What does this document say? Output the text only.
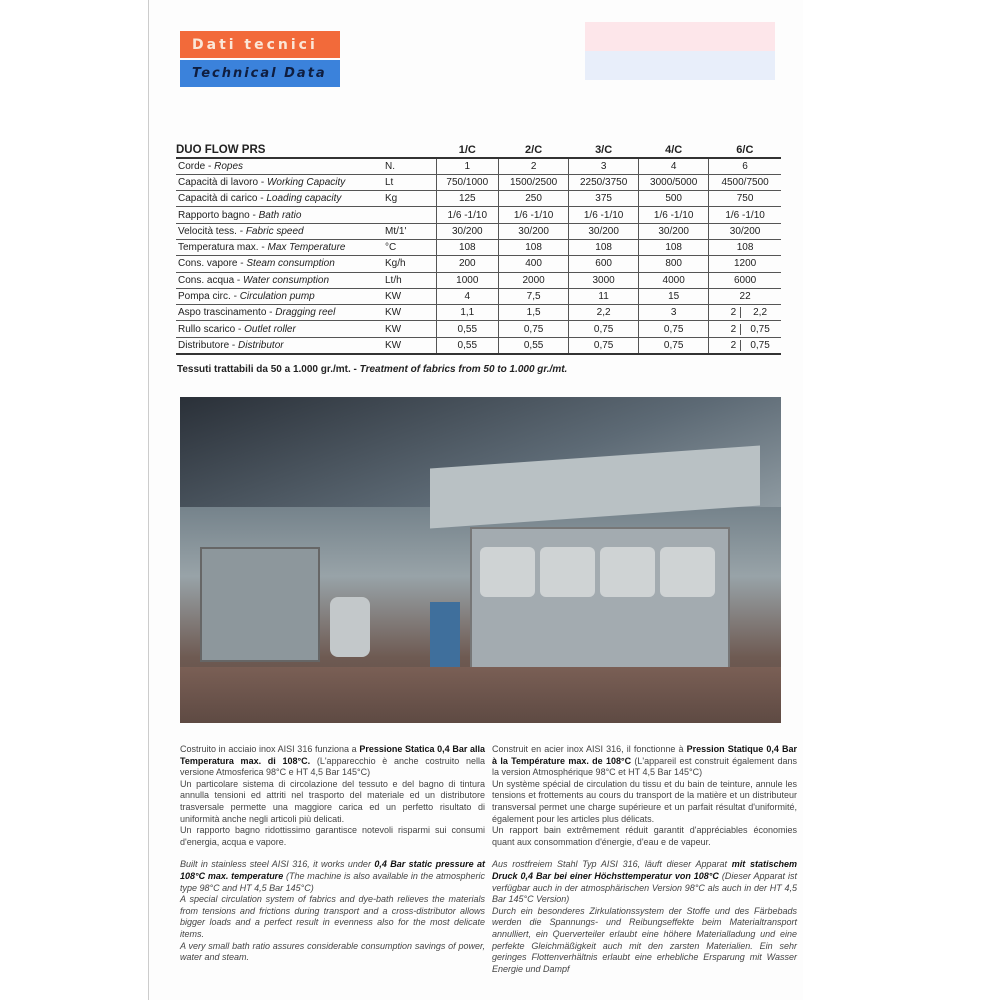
Dati tecnici
Technical Data
DUO FLOW PRS		1/C	2/C	3/C	4/C	6/C
Corde - Ropes	N.	1	2	3	4	6
Capacità di lavoro - Working Capacity	Lt	750/1000	1500/2500	2250/3750	3000/5000	4500/7500
Capacità di carico - Loading capacity	Kg	125	250	375	500	750
Rapporto bagno - Bath ratio		1/6 -1/10	1/6 -1/10	1/6 -1/10	1/6 -1/10	1/6 -1/10
Velocità tess. - Fabric speed	Mt/1'	30/200	30/200	30/200	30/200	30/200
Temperatura max. - Max Temperature	°C	108	108	108	108	108
Cons. vapore - Steam consumption	Kg/h	200	400	600	800	1200
Cons. acqua - Water consumption	Lt/h	1000	2000	3000	4000	6000
Pompa circ. - Circulation pump	KW	4	7,5	11	15	22
Aspo trascinamento - Dragging reel	KW	1,1	1,5	2,2	3	2 2,2

Rullo scarico - Outlet roller	KW	0,55	0,75	0,75	0,75	2 0,75

Distributore - Distributor	KW	0,55	0,55	0,75	0,75	2 0,75
Tessuti trattabili da 50 a 1.000 gr./mt. - Treatment of fabrics from 50 to 1.000 gr./mt.

Costruito in acciaio inox AISI 316 funziona a Pressione Statica 0,4 Bar alla Temperatura max. di 108°C. (L'apparecchio è anche costruito nella versione Atmosferica 98°C e HT 4,5 Bar 145°C)

Un particolare sistema di circolazione del tessuto e del bagno di tintura annulla tensioni ed attriti nel trasporto del materiale ed un distributore trasversale permette una maggiore carica ed un perfetto risultato di uniformità anche negli articoli più delicati.

Un rapporto bagno ridottissimo garantisce notevoli risparmi sui consumi d'energia, acqua e vapore.

Built in stainless steel AISI 316, it works under 0,4 Bar static pressure at 108°C max. temperature (The machine is also available in the atmospheric type 98°C and HT 4,5 Bar 145°C)

A special circulation system of fabrics and dye-bath relieves the materials from tensions and frictions during transport and a cross-distributor allows bigger loads and a perfect result in evenness also for the most delicate items.

A very small bath ratio assures considerable consumption savings of power, water and steam.

Construit en acier inox AISI 316, il fonctionne à Pression Statique 0,4 Bar à la Température max. de 108°C (L'appareil est construit également dans la version Atmosphérique 98°C et HT 4,5 Bar 145°C)

Un système spécial de circulation du tissu et du bain de teinture, annule les tensions et frottements au cours du transport de la matière et un distributeur transversal permet une charge supérieure et un parfait résultat d'uniformité, également pour les articles plus délicats.

Un rapport bain extrêmement réduit garantit d'appréciables économies quant aux consommation d'énergie, d'eau e de vapeur.

Aus rostfreiem Stahl Typ AISI 316, läuft dieser Apparat mit statischem Druck 0,4 Bar bei einer Höchsttemperatur von 108°C (Dieser Apparat ist verfügbar auch in der atmosphärischen Version 98°C als auch in der HT 4,5 Bar 145°C Version)

Durch ein besonderes Zirkulationssystem der Stoffe und des Färbebads werden die Spannungs- und Reibungseffekte beim Materialtransport annulliert, ein Querverteiler erlaubt eine höhere Materialladung und eine perfekte Gleichmäßigkeit auch mit den zarsten Materialien. Ein sehr geringes Flottenverhältnis erlaubt eine erhebliche Ersparung mit Wasser Energie und Dampf
